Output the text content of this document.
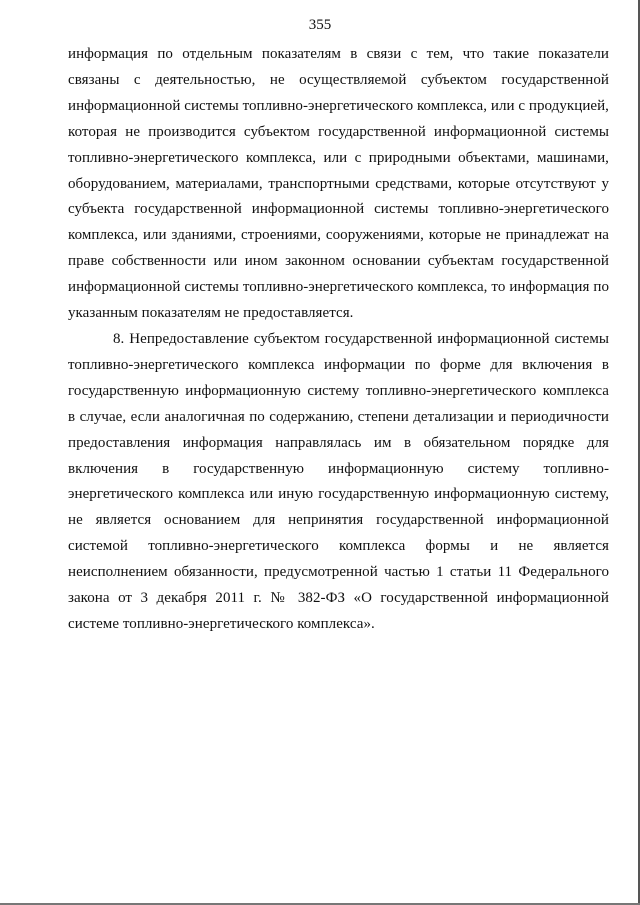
355

информация по отдельным показателям в связи с тем, что такие показатели связаны с деятельностью, не осуществляемой субъектом государственной информационной системы топливно-энергетического комплекса, или с продукцией, которая не производится субъектом государственной информационной системы топливно-энергетического комплекса, или с природными объектами, машинами, оборудованием, материалами, транспортными средствами, которые отсутствуют у субъекта государственной информационной системы топливно-энергетического комплекса, или зданиями, строениями, сооружениями, которые не принадлежат на праве собственности или ином законном основании субъектам государственной информационной системы топливно-энергетического комплекса, то информация по указанным показателям не предоставляется.

8. Непредоставление субъектом государственной информационной системы топливно-энергетического комплекса информации по форме для включения в государственную информационную систему топливно-энергетического комплекса в случае, если аналогичная по содержанию, степени детализации и периодичности предоставления информация направлялась им в обязательном порядке для включения в государственную информационную систему топливно-энергетического комплекса или иную государственную информационную систему, не является основанием для непринятия государственной информационной системой топливно-энергетического комплекса формы и не является неисполнением обязанности, предусмотренной частью 1 статьи 11 Федерального закона от 3 декабря 2011 г. № 382-ФЗ «О государственной информационной системе топливно-энергетического комплекса».
